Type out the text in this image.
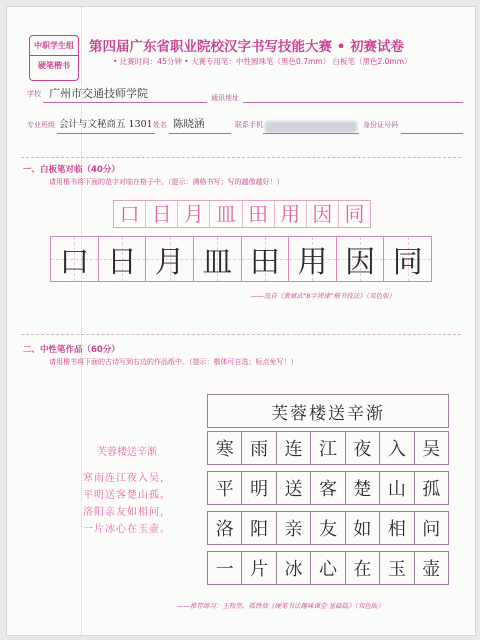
中职学生组
硬笔楷书
第四届广东省职业院校汉字书写技能大赛 • 初赛试卷
• 比赛时间：45分钟 • 大赛专用笔：中性圆珠笔（黑色0.7mm） 白板笔（黑色2.0mm）
学校 广州市交通技师学院	通讯地址
专业班级 会计与文秘商五 1301 姓名 陈晓涵	联系手机	身份证号码
一、白板笔对临（40分）
请用楷书将下面的范字对临在格子中。（提示：满格书写；写的越像越好！）
口 日 月 皿 田 用 因 同
口 日 月 皿 田 用 因 同
——选自《黄斌武“8字规律”楷书技法》（双色版）
二、中性笔作品（60分）
请用楷书将下面的古诗写到右边的作品纸中。（提示：楷体可自选；标点免写！）
芙蓉楼送辛渐
寒雨连江夜入吴，
平明送客楚山孤。
洛阳亲友如相问，
一片冰心在玉壶。
芙蓉楼送辛渐
寒 雨 连 江 夜 入 吴
平 明 送 客 楚 山 孤
洛 阳 亲 友 如 相 问
一 片 冰 心 在 玉 壶
——推荐练习：王牧然、孤铁效《硬笔书法趣味课堂·基础篇》（双色版）
